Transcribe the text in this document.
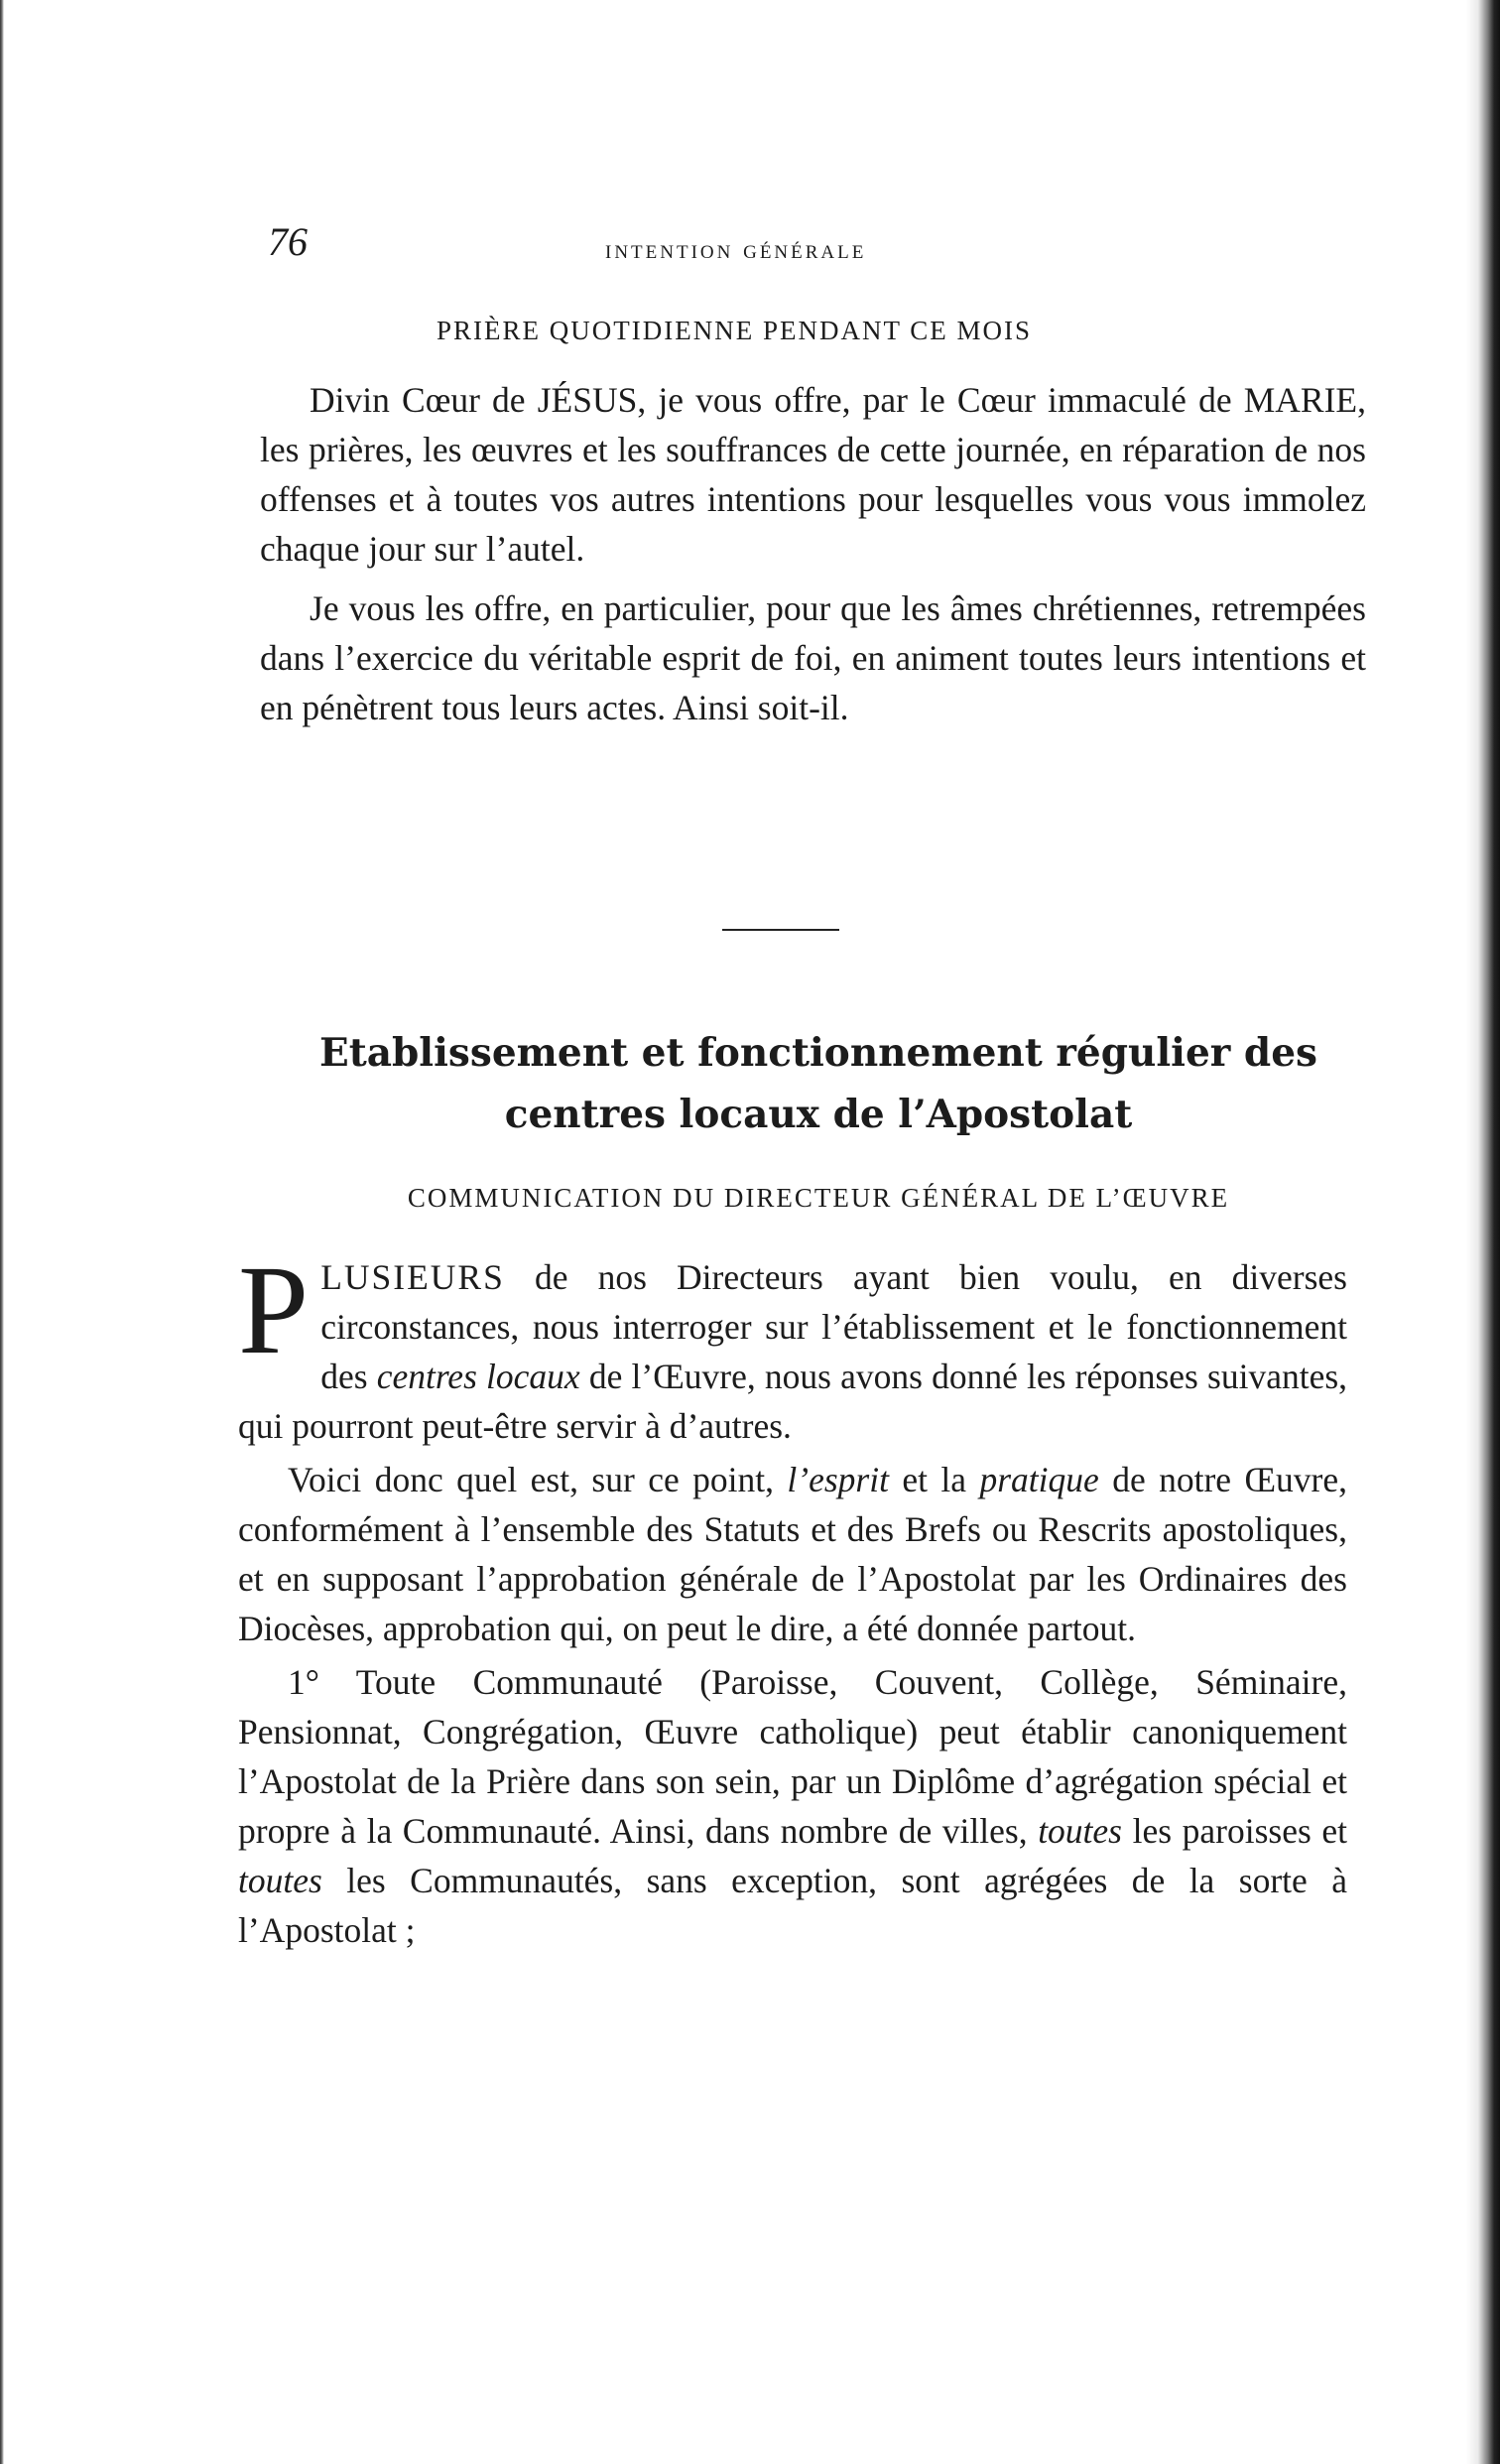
76	intention générale
PRIÈRE QUOTIDIENNE PENDANT CE MOIS

Divin Cœur de JÉSUS, je vous offre, par le Cœur immaculé de MARIE, les prières, les œuvres et les souffrances de cette journée, en réparation de nos offenses et à toutes vos autres intentions pour lesquelles vous vous immolez chaque jour sur l’autel.

Je vous les offre, en particulier, pour que les âmes chrétiennes, retrempées dans l’exercice du véritable esprit de foi, en animent toutes leurs intentions et en pénètrent tous leurs actes. Ainsi soit-il.

Etablissement et fonctionnement régulier des
centres locaux de l’Apostolat
COMMUNICATION DU DIRECTEUR GÉNÉRAL DE L’ŒUVRE

PLUSIEURS de nos Directeurs ayant bien voulu, en diverses circonstances, nous interroger sur l’établissement et le fonctionnement des centres locaux de l’Œuvre, nous avons donné les réponses suivantes, qui pourront peut-être servir à d’autres.

Voici donc quel est, sur ce point, l’esprit et la pratique de notre Œuvre, conformément à l’ensemble des Statuts et des Brefs ou Rescrits apostoliques, et en supposant l’approbation générale de l’Apostolat par les Ordinaires des Diocèses, approbation qui, on peut le dire, a été donnée partout.

1° Toute Communauté (Paroisse, Couvent, Collège, Séminaire, Pensionnat, Congrégation, Œuvre catholique) peut établir canoniquement l’Apostolat de la Prière dans son sein, par un Diplôme d’agrégation spécial et propre à la Communauté. Ainsi, dans nombre de villes, toutes les paroisses et toutes les Communautés, sans exception, sont agrégées de la sorte à l’Apostolat ;
